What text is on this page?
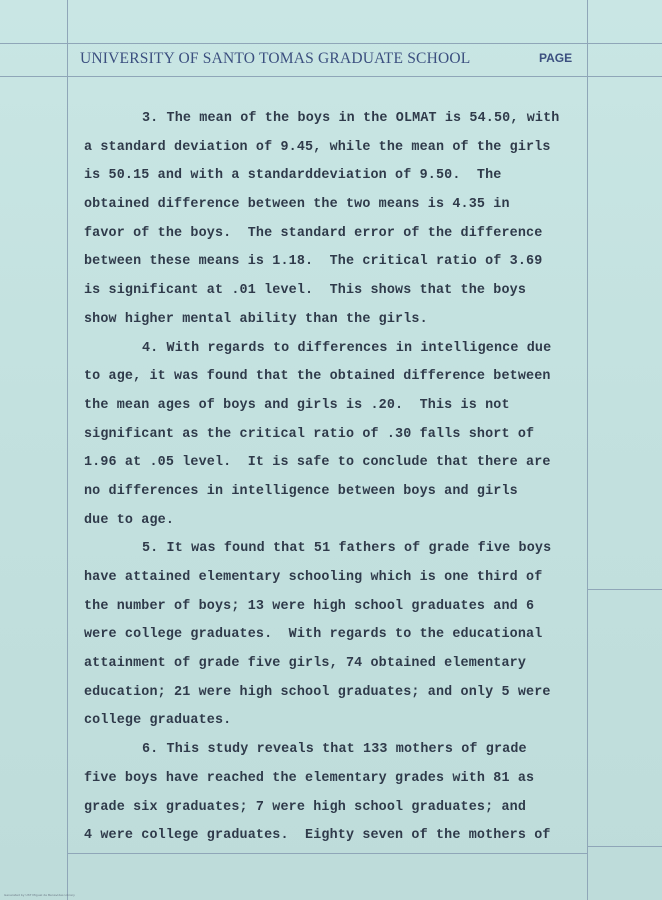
UNIVERSITY OF SANTO TOMAS GRADUATE SCHOOL	PAGE
3. The mean of the boys in the OLMAT is 54.50, with
a standard deviation of 9.45, while the mean of the girls
is 50.15 and with a standarddeviation of 9.50.  The
obtained difference between the two means is 4.35 in
favor of the boys.  The standard error of the difference
between these means is 1.18.  The critical ratio of 3.69
is significant at .01 level.  This shows that the boys
show higher mental ability than the girls.
4. With regards to differences in intelligence due
to age, it was found that the obtained difference between
the mean ages of boys and girls is .20.  This is not
significant as the critical ratio of .30 falls short of
1.96 at .05 level.  It is safe to conclude that there are
no differences in intelligence between boys and girls
due to age.
5. It was found that 51 fathers of grade five boys
have attained elementary schooling which is one third of
the number of boys; 13 were high school graduates and 6
were college graduates.  With regards to the educational
attainment of grade five girls, 74 obtained elementary
education; 21 were high school graduates; and only 5 were
college graduates.
6. This study reveals that 133 mothers of grade
five boys have reached the elementary grades with 81 as
grade six graduates; 7 were high school graduates; and
4 were college graduates.  Eighty seven of the mothers of
Generated by UST Miguel de Benavides Library
